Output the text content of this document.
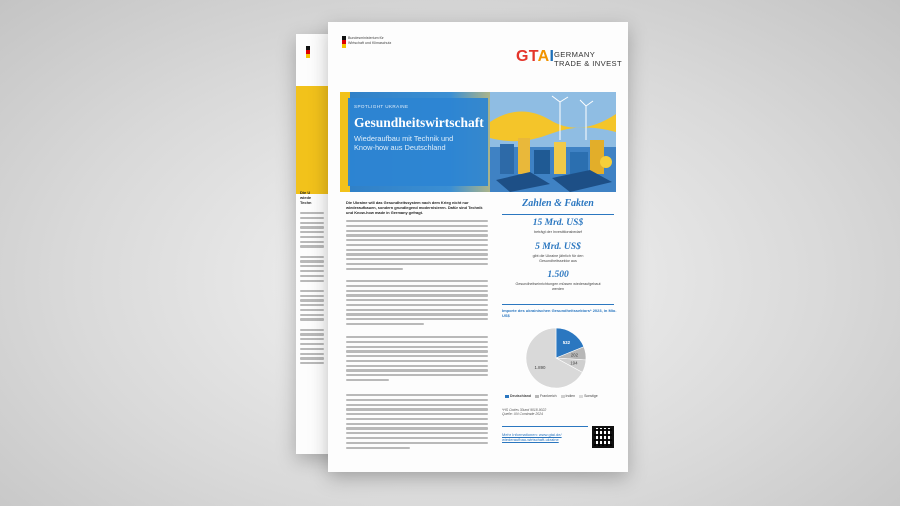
Die U
wiede
Techn
Bundesministerium für Wirtschaft und Klimaschutz
GTAI GERMANY
TRADE & INVEST
SPOTLIGHT UKRAINE
Gesundheitswirtschaft
Wiederaufbau mit Technik und
Know-how aus Deutschland
Die Ukraine will das Gesundheitssystem nach dem Krieg nicht nur wiederaufbauen, sondern grundlegend modernisieren. Dafür sind Technik und Know-how made in Germany gefragt.
Zahlen & Fakten
15 Mrd. US$
beträgt der Investitionsbedarf
5 Mrd. US$
gibt die Ukraine jährlich für den Gesundheitssektor aus
1.500
Gesundheitseinrichtungen müssen wiederaufgebaut werden
Importe des ukrainischen Gesundheitssektors* 2023, in Mio. US$
532
202
194
1.890
Deutschland	Frankreich	Indien	Sonstige
*HS Codes 30und 9018-9022
Quelle: UN Comtrade 2024
Mehr Informationen: www.gtai.de/
wiederaufbau-wirtschaft-ukraine
